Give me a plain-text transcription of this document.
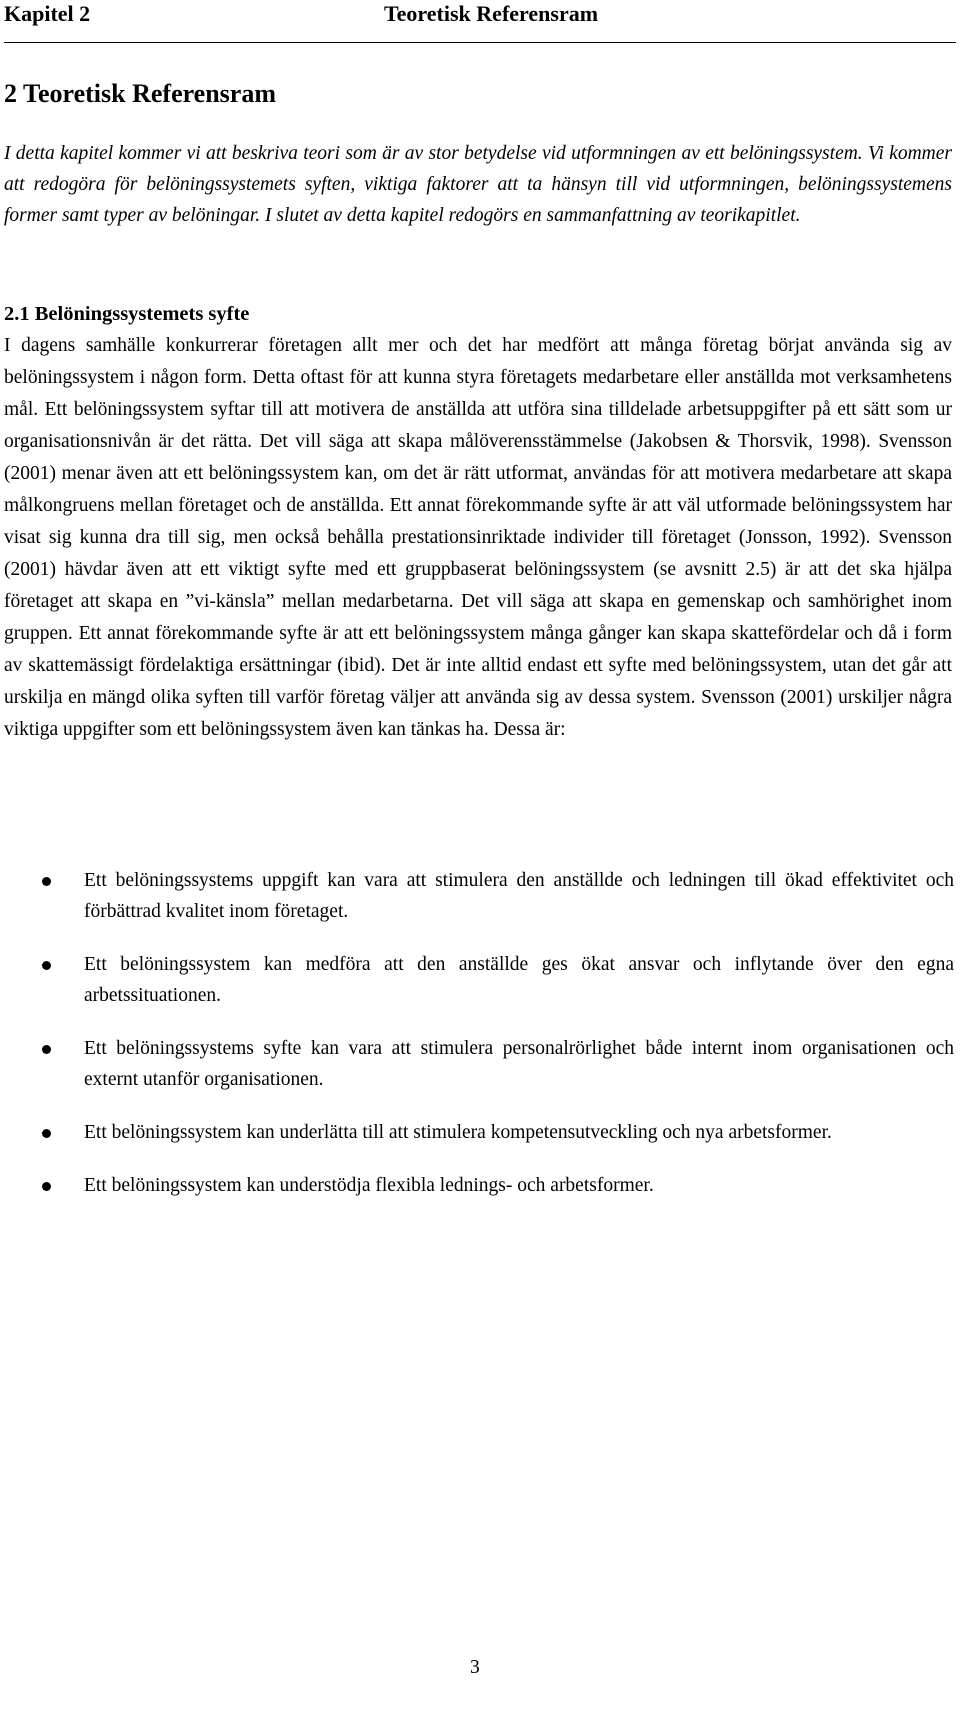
Kapitel 2	Teoretisk Referensram
2 Teoretisk Referensram

I detta kapitel kommer vi att beskriva teori som är av stor betydelse vid utformningen av ett belöningssystem. Vi kommer att redogöra för belöningssystemets syften, viktiga faktorer att ta hänsyn till vid utformningen, belöningssystemens former samt typer av belöningar. I slutet av detta kapitel redogörs en sammanfattning av teorikapitlet.

2.1 Belöningssystemets syfte

I dagens samhälle konkurrerar företagen allt mer och det har medfört att många företag börjat använda sig av belöningssystem i någon form. Detta oftast för att kunna styra företagets medarbetare eller anställda mot verksamhetens mål. Ett belöningssystem syftar till att motivera de anställda att utföra sina tilldelade arbetsuppgifter på ett sätt som ur organisationsnivån är det rätta. Det vill säga att skapa målöverensstämmelse (Jakobsen & Thorsvik, 1998). Svensson (2001) menar även att ett belöningssystem kan, om det är rätt utformat, användas för att motivera medarbetare att skapa målkongruens mellan företaget och de anställda. Ett annat förekommande syfte är att väl utformade belöningssystem har visat sig kunna dra till sig, men också behålla prestationsinriktade individer till företaget (Jonsson, 1992). Svensson (2001) hävdar även att ett viktigt syfte med ett gruppbaserat belöningssystem (se avsnitt 2.5) är att det ska hjälpa företaget att skapa en ”vi-känsla” mellan medarbetarna. Det vill säga att skapa en gemenskap och samhörighet inom gruppen. Ett annat förekommande syfte är att ett belöningssystem många gånger kan skapa skattefördelar och då i form av skattemässigt fördelaktiga ersättningar (ibid). Det är inte alltid endast ett syfte med belöningssystem, utan det går att urskilja en mängd olika syften till varför företag väljer att använda sig av dessa system. Svensson (2001) urskiljer några viktiga uppgifter som ett belöningssystem även kan tänkas ha. Dessa är:

Ett belöningssystems uppgift kan vara att stimulera den anställde och ledningen till ökad effektivitet och förbättrad kvalitet inom företaget.
Ett belöningssystem kan medföra att den anställde ges ökat ansvar och inflytande över den egna arbetssituationen.
Ett belöningssystems syfte kan vara att stimulera personalrörlighet både internt inom organisationen och externt utanför organisationen.
Ett belöningssystem kan underlätta till att stimulera kompetensutveckling och nya arbetsformer.
Ett belöningssystem kan understödja flexibla lednings- och arbetsformer.
3
